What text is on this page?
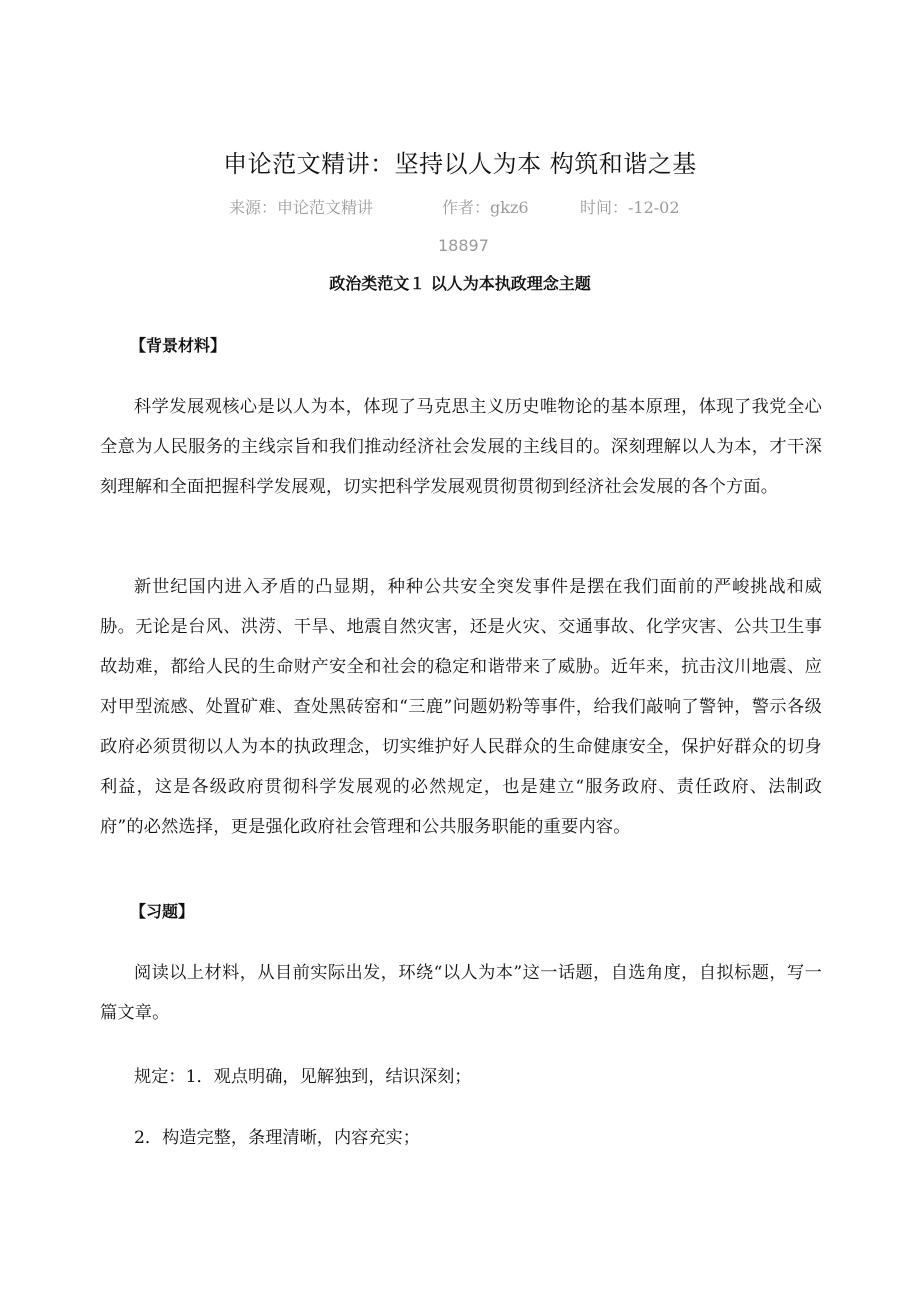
申论范文精讲：坚持以人为本 构筑和谐之基
来源：申论范文精讲	作者：gkz6	时间：-12-02
18897
政治类范文１ 以人为本执政理念主题
【背景材料】
科学发展观核心是以人为本，体现了马克思主义历史唯物论的基本原理，体现了我党全心全意为人民服务的主线宗旨和我们推动经济社会发展的主线目的。深刻理解以人为本，才干深刻理解和全面把握科学发展观，切实把科学发展观贯彻贯彻到经济社会发展的各个方面。
新世纪国内进入矛盾的凸显期，种种公共安全突发事件是摆在我们面前的严峻挑战和威胁。无论是台风、洪涝、干旱、地震自然灾害，还是火灾、交通事故、化学灾害、公共卫生事故劫难，都给人民的生命财产安全和社会的稳定和谐带来了威胁。近年来，抗击汶川地震、应对甲型流感、处置矿难、查处黑砖窑和“三鹿”问题奶粉等事件，给我们敲响了警钟，警示各级政府必须贯彻以人为本的执政理念，切实维护好人民群众的生命健康安全，保护好群众的切身利益，这是各级政府贯彻科学发展观的必然规定，也是建立“服务政府、责任政府、法制政府”的必然选择，更是强化政府社会管理和公共服务职能的重要内容。
【习题】
阅读以上材料，从目前实际出发，环绕“以人为本”这一话题，自选角度，自拟标题，写一篇文章。
规定：1．观点明确，见解独到，结识深刻；
2．构造完整，条理清晰，内容充实；
